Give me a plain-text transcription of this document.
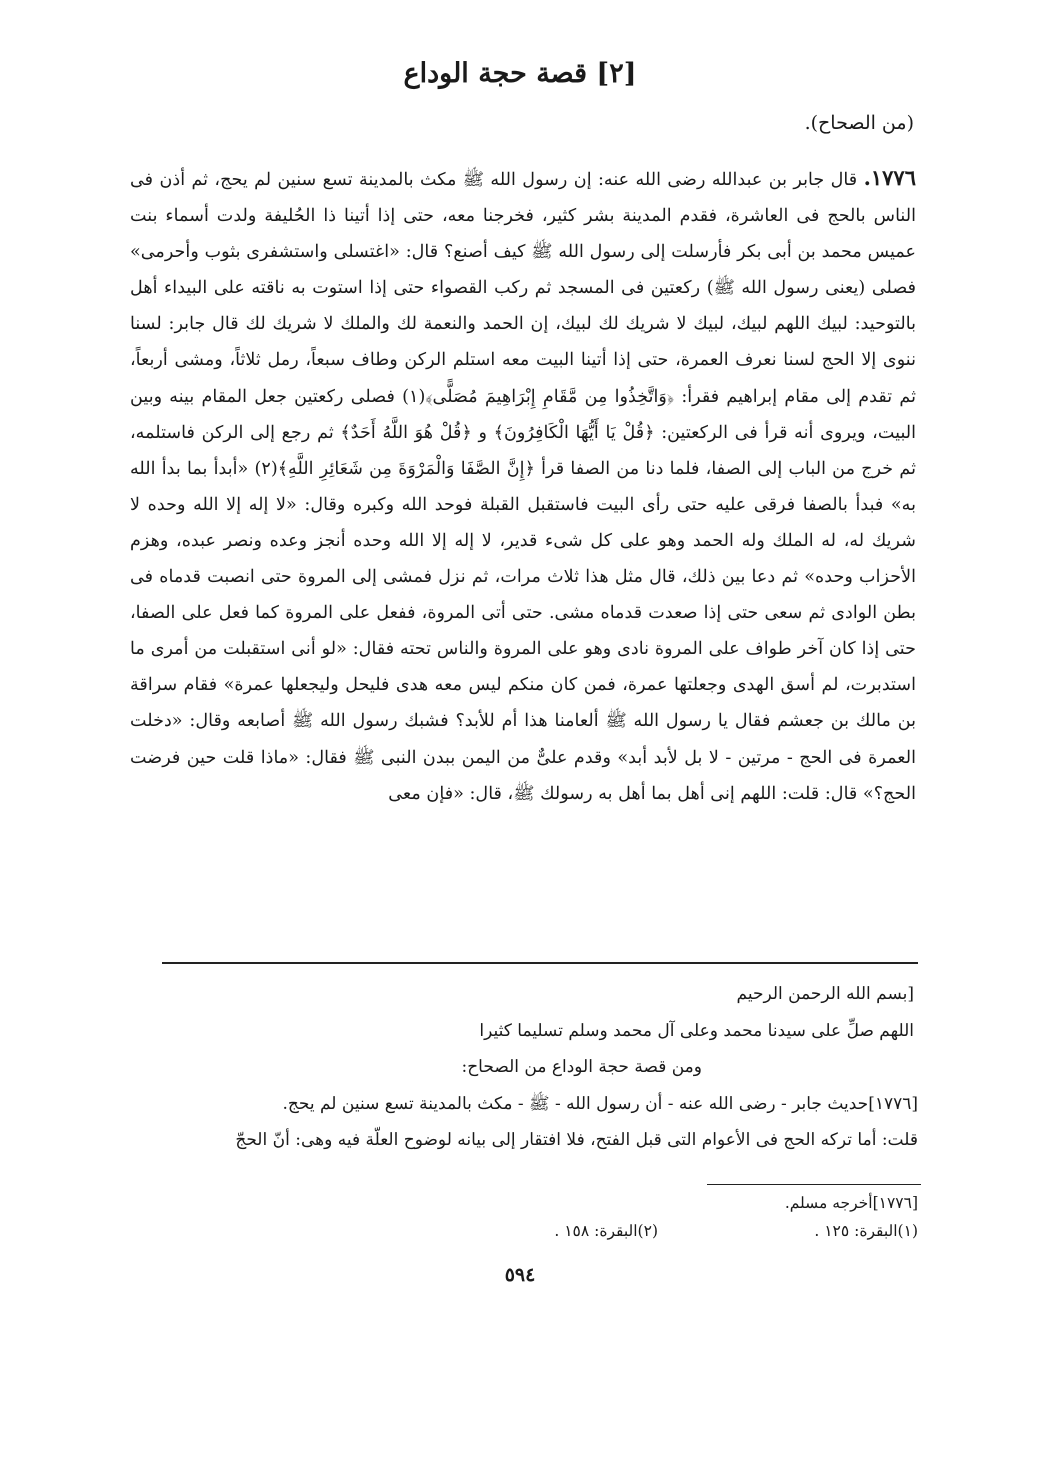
[٢] قصة حجة الوداع
(من الصحاح).

١٧٧٦. قال جابر بن عبدالله رضى الله عنه: إن رسول الله ﷺ مكث بالمدينة تسع سنين لم يحج، ثم أذن فى الناس بالحج فى العاشرة، فقدم المدينة بشر كثير، فخرجنا معه، حتى إذا أتينا ذا الحُليفة ولدت أسماء بنت عميس محمد بن أبى بكر فأرسلت إلى رسول الله ﷺ كيف أصنع؟ قال: «اغتسلى واستشفرى بثوب وأحرمى» فصلى (يعنى رسول الله ﷺ) ركعتين فى المسجد ثم ركب القصواء حتى إذا استوت به ناقته على البيداء أهل بالتوحيد: لبيك اللهم لبيك، لبيك لا شريك لك لبيك، إن الحمد والنعمة لك والملك لا شريك لك قال جابر: لسنا ننوى إلا الحج لسنا نعرف العمرة، حتى إذا أتينا البيت معه استلم الركن وطاف سبعاً، رمل ثلاثاً، ومشى أربعاً، ثم تقدم إلى مقام إبراهيم فقرأ: ﴿وَاتَّخِذُوا مِن مَّقَامِ إِبْرَاهِيمَ مُصَلًّى﴾(١) فصلى ركعتين جعل المقام بينه وبين البيت، ويروى أنه قرأ فى الركعتين: ﴿قُلْ يَا أَيُّهَا الْكَافِرُونَ﴾ و ﴿قُلْ هُوَ اللَّهُ أَحَدٌ﴾ ثم رجع إلى الركن فاستلمه، ثم خرج من الباب إلى الصفا، فلما دنا من الصفا قرأ ﴿إِنَّ الصَّفَا وَالْمَرْوَةَ مِن شَعَائِرِ اللَّهِ﴾(٢) «أبدأ بما بدأ الله به» فبدأ بالصفا فرقى عليه حتى رأى البيت فاستقبل القبلة فوحد الله وكبره وقال: «لا إله إلا الله وحده لا شريك له، له الملك وله الحمد وهو على كل شىء قدير، لا إله إلا الله وحده أنجز وعده ونصر عبده، وهزم الأحزاب وحده» ثم دعا بين ذلك، قال مثل هذا ثلاث مرات، ثم نزل فمشى إلى المروة حتى انصبت قدماه فى بطن الوادى ثم سعى حتى إذا صعدت قدماه مشى. حتى أتى المروة، ففعل على المروة كما فعل على الصفا، حتى إذا كان آخر طواف على المروة نادى وهو على المروة والناس تحته فقال: «لو أنى استقبلت من أمرى ما استدبرت، لم أسق الهدى وجعلتها عمرة، فمن كان منكم ليس معه هدى فليحل وليجعلها عمرة» فقام سراقة بن مالك بن جعشم فقال يا رسول الله ﷺ ألعامنا هذا أم للأبد؟ فشبك رسول الله ﷺ أصابعه وقال: «دخلت العمرة فى الحج - مرتين - لا بل لأبد أبد» وقدم علىٌّ من اليمن ببدن النبى ﷺ فقال: «ماذا قلت حين فرضت الحج؟» قال: قلت: اللهم إنى أهل بما أهل به رسولك ﷺ، قال: «فإن معى

[بسم الله الرحمن الرحيم
اللهم صلِّ على سيدنا محمد وعلى آل محمد وسلم تسليما كثيرا
ومن قصة حجة الوداع من الصحاح:
[١٧٧٦]حديث جابر - رضى الله عنه - أن رسول الله - ﷺ - مكث بالمدينة تسع سنين لم يحج.
قلت: أما تركه الحج فى الأعوام التى قبل الفتح، فلا افتقار إلى بيانه لوضوح العلّة فيه وهى: أنّ الحجّ
[١٧٧٦]أخرجه مسلم.
(١)البقرة: ١٢٥ .(٢)البقرة: ١٥٨ .
٥٩٤
